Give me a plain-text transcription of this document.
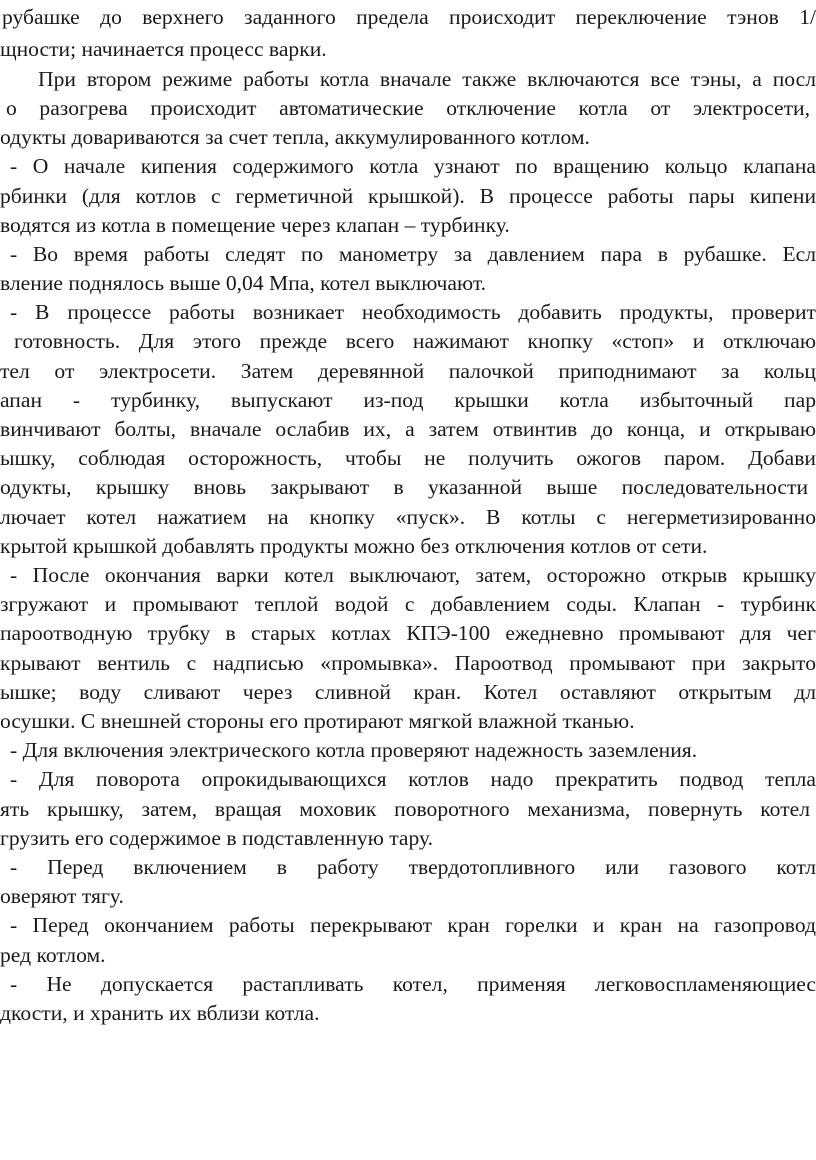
рубашке до верхнего заданного предела происходит переключение тэнов 1/
щности; начинается процесс варки.
При втором режиме работы котла вначале также включаются все тэны, а посл
о разогрева происходит автоматические отключение котла от электросети,
одукты довариваются за счет тепла, аккумулированного котлом.
- О начале кипения содержимого котла узнают по вращению кольцо клапана
рбинки (для котлов с герметичной крышкой). В процессе работы пары кипени
водятся из котла в помещение через клапан – турбинку.
- Во время работы следят по манометру за давлением пара в рубашке. Есл
вление поднялось выше 0,04 Мпа, котел выключают.
- В процессе работы возникает необходимость добавить продукты, проверит
готовность. Для этого прежде всего нажимают кнопку «стоп» и отключаю
тел от электросети. Затем деревянной палочкой приподнимают за кольц
апан - турбинку, выпускают из-под крышки котла избыточный пар
винчивают болты, вначале ослабив их, а затем отвинтив до конца, и открываю
ышку, соблюдая осторожность, чтобы не получить ожогов паром. Добави
одукты, крышку вновь закрывают в указанной выше последовательности
лючает котел нажатием на кнопку «пуск». В котлы с негерметизированно
крытой крышкой добавлять продукты можно без отключения котлов от сети.
- После окончания варки котел выключают, затем, осторожно открыв крышку
згружают и промывают теплой водой с добавлением соды. Клапан - турбинк
пароотводную трубку в старых котлах КПЭ-100 ежедневно промывают для чег
крывают вентиль с надписью «промывка». Пароотвод промывают при закрыто
ышке; воду сливают через сливной кран. Котел оставляют открытым дл
осушки. С внешней стороны его протирают мягкой влажной тканью.
- Для включения электрического котла проверяют надежность заземления.
- Для поворота опрокидывающихся котлов надо прекратить подвод тепла
ять крышку, затем, вращая моховик поворотного механизма, повернуть котел
грузить его содержимое в подставленную тару.
- Перед включением в работу твердотопливного или газового котл
оверяют тягу.
- Перед окончанием работы перекрывают кран горелки и кран на газопровод
ред котлом.
- Не допускается растапливать котел, применяя легковоспламеняющиес
дкости, и хранить их вблизи котла.
